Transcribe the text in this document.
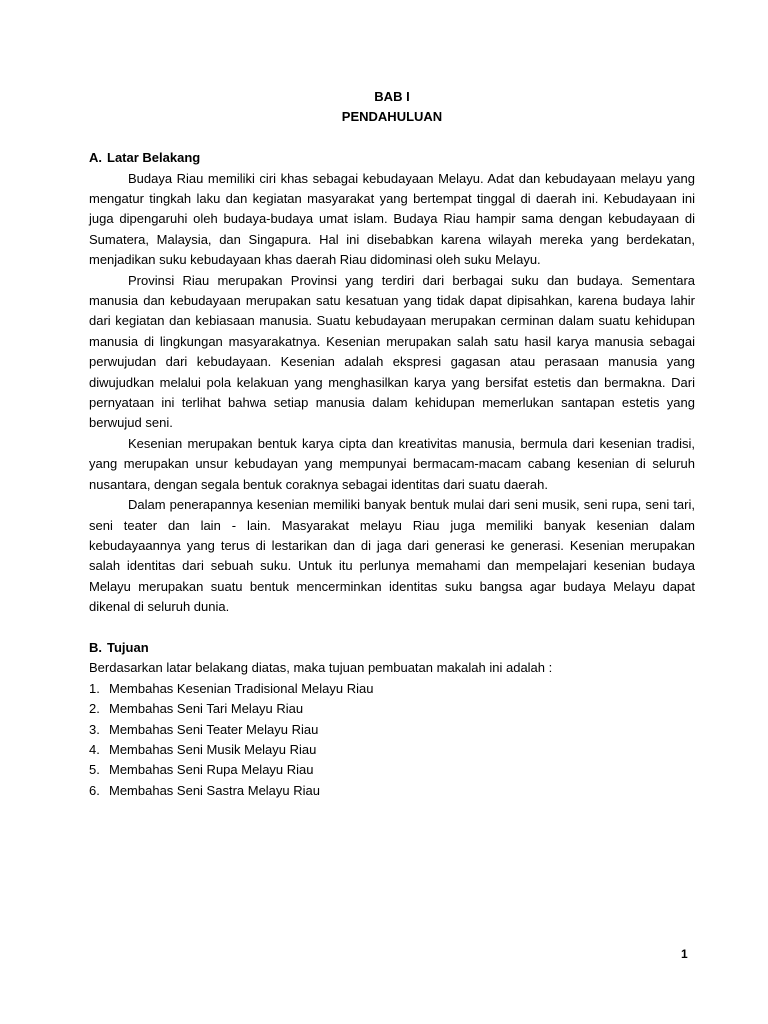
BAB I

PENDAHULUAN

A. Latar Belakang

Budaya Riau memiliki ciri khas sebagai kebudayaan Melayu. Adat dan kebudayaan melayu yang mengatur tingkah laku dan kegiatan masyarakat yang bertempat tinggal di daerah ini. Kebudayaan ini juga dipengaruhi oleh budaya-budaya umat islam. Budaya Riau hampir sama dengan kebudayaan di Sumatera, Malaysia, dan Singapura. Hal ini disebabkan karena wilayah mereka yang berdekatan, menjadikan suku kebudayaan khas daerah Riau didominasi oleh suku Melayu.

Provinsi Riau merupakan Provinsi yang terdiri dari berbagai suku dan budaya. Sementara manusia dan kebudayaan merupakan satu kesatuan yang tidak dapat dipisahkan, karena budaya lahir dari kegiatan dan kebiasaan manusia. Suatu kebudayaan merupakan cerminan dalam suatu kehidupan manusia di lingkungan masyarakatnya. Kesenian merupakan salah satu hasil karya manusia sebagai perwujudan dari kebudayaan. Kesenian adalah ekspresi gagasan atau perasaan manusia yang diwujudkan melalui pola kelakuan yang menghasilkan karya yang bersifat estetis dan bermakna. Dari pernyataan ini terlihat bahwa setiap manusia dalam kehidupan memerlukan santapan estetis yang berwujud seni.

Kesenian merupakan bentuk karya cipta dan kreativitas manusia, bermula dari kesenian tradisi, yang merupakan unsur kebudayan yang mempunyai bermacam-macam cabang kesenian di seluruh nusantara, dengan segala bentuk coraknya sebagai identitas dari suatu daerah.

Dalam penerapannya kesenian memiliki banyak bentuk mulai dari seni musik, seni rupa, seni tari, seni teater dan lain - lain. Masyarakat melayu Riau juga memiliki banyak kesenian dalam kebudayaannya yang terus di lestarikan dan di jaga dari generasi ke generasi. Kesenian merupakan salah identitas dari sebuah suku. Untuk itu perlunya memahami dan mempelajari kesenian budaya Melayu merupakan suatu bentuk mencerminkan identitas suku bangsa agar budaya Melayu dapat dikenal di seluruh dunia.

B. Tujuan

Berdasarkan latar belakang diatas, maka tujuan pembuatan makalah ini adalah :

1. Membahas Kesenian Tradisional Melayu Riau
2. Membahas Seni Tari Melayu Riau
3. Membahas Seni Teater Melayu Riau
4. Membahas Seni Musik Melayu Riau
5. Membahas Seni Rupa Melayu Riau
6. Membahas Seni Sastra Melayu Riau
1
